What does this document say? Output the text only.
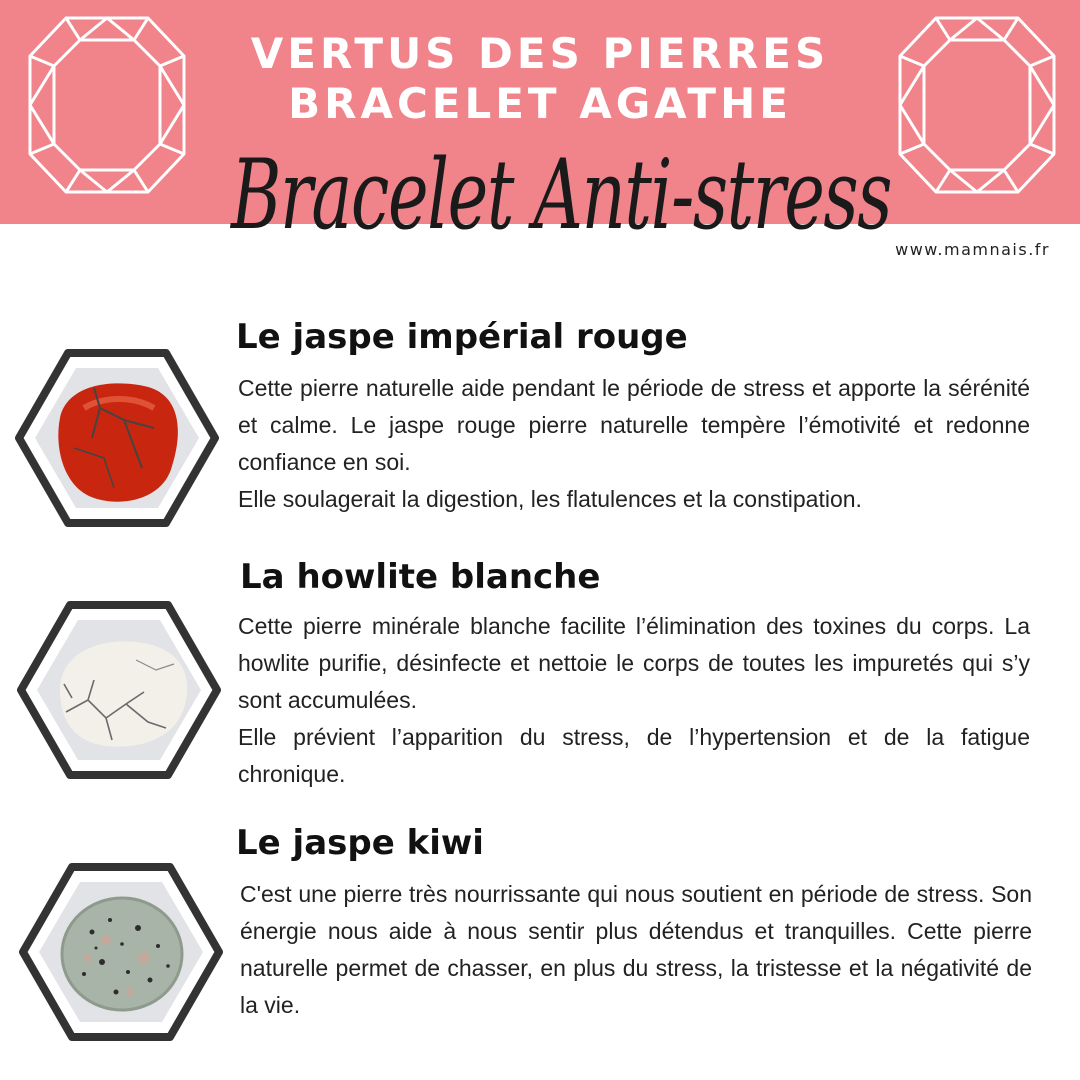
VERTUS DES PIERRES
BRACELET AGATHE
Bracelet Anti-stress www.mamnais.fr
Le jaspe impérial rouge

Cette pierre naturelle aide pendant le période de stress et apporte la sérénité et calme. Le jaspe rouge pierre naturelle tempère l’émotivité et redonne confiance en soi.

Elle soulagerait la digestion, les flatulences et la constipation.

La howlite blanche

Cette pierre minérale blanche facilite l’élimination des toxines du corps. La howlite purifie, désinfecte et nettoie le corps de toutes les impuretés qui s’y sont accumulées.

Elle prévient l’apparition du stress, de l’hypertension et de la fatigue chronique.

Le jaspe kiwi

C'est une pierre très nourrissante qui nous soutient en période de stress. Son énergie nous aide à nous sentir plus détendus et tranquilles. Cette pierre naturelle permet de chasser, en plus du stress, la tristesse et la négativité de la vie.
